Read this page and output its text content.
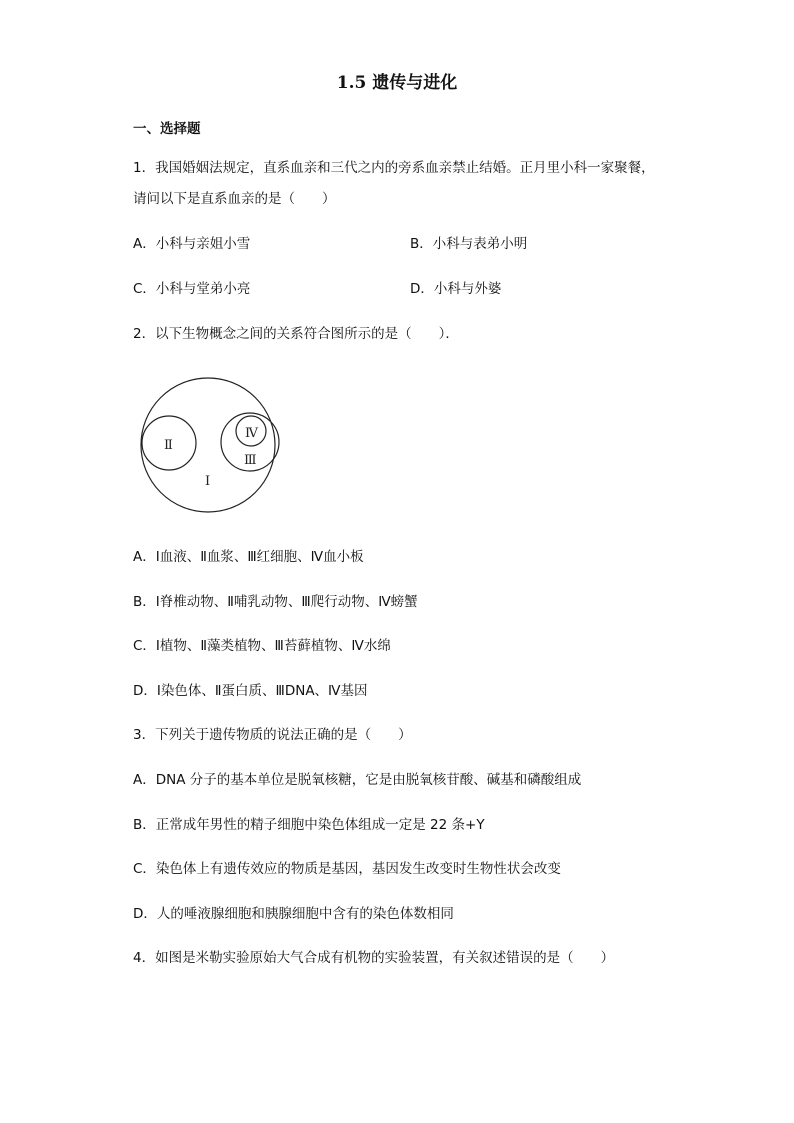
1.5 遗传与进化
一、选择题
1．我国婚姻法规定，直系血亲和三代之内的旁系血亲禁止结婚。正月里小科一家聚餐，
请问以下是直系血亲的是（　　）
A．小科与亲姐小雪	B．小科与表弟小明
C．小科与堂弟小亮	D．小科与外婆
2．以下生物概念之间的关系符合图所示的是（　　）．
Ⅱ
Ⅳ
Ⅲ
Ⅰ
A．Ⅰ血液、Ⅱ血浆、Ⅲ红细胞、Ⅳ血小板
B．Ⅰ脊椎动物、Ⅱ哺乳动物、Ⅲ爬行动物、Ⅳ螃蟹
C．Ⅰ植物、Ⅱ藻类植物、Ⅲ苔藓植物、Ⅳ水绵
D．Ⅰ染色体、Ⅱ蛋白质、ⅢDNA、Ⅳ基因
3．下列关于遗传物质的说法正确的是（　　）
A．DNA 分子的基本单位是脱氧核糖，它是由脱氧核苷酸、碱基和磷酸组成
B．正常成年男性的精子细胞中染色体组成一定是 22 条+Y
C．染色体上有遗传效应的物质是基因，基因发生改变时生物性状会改变
D．人的唾液腺细胞和胰腺细胞中含有的染色体数相同
4．如图是米勒实验原始大气合成有机物的实验装置，有关叙述错误的是（　　）
